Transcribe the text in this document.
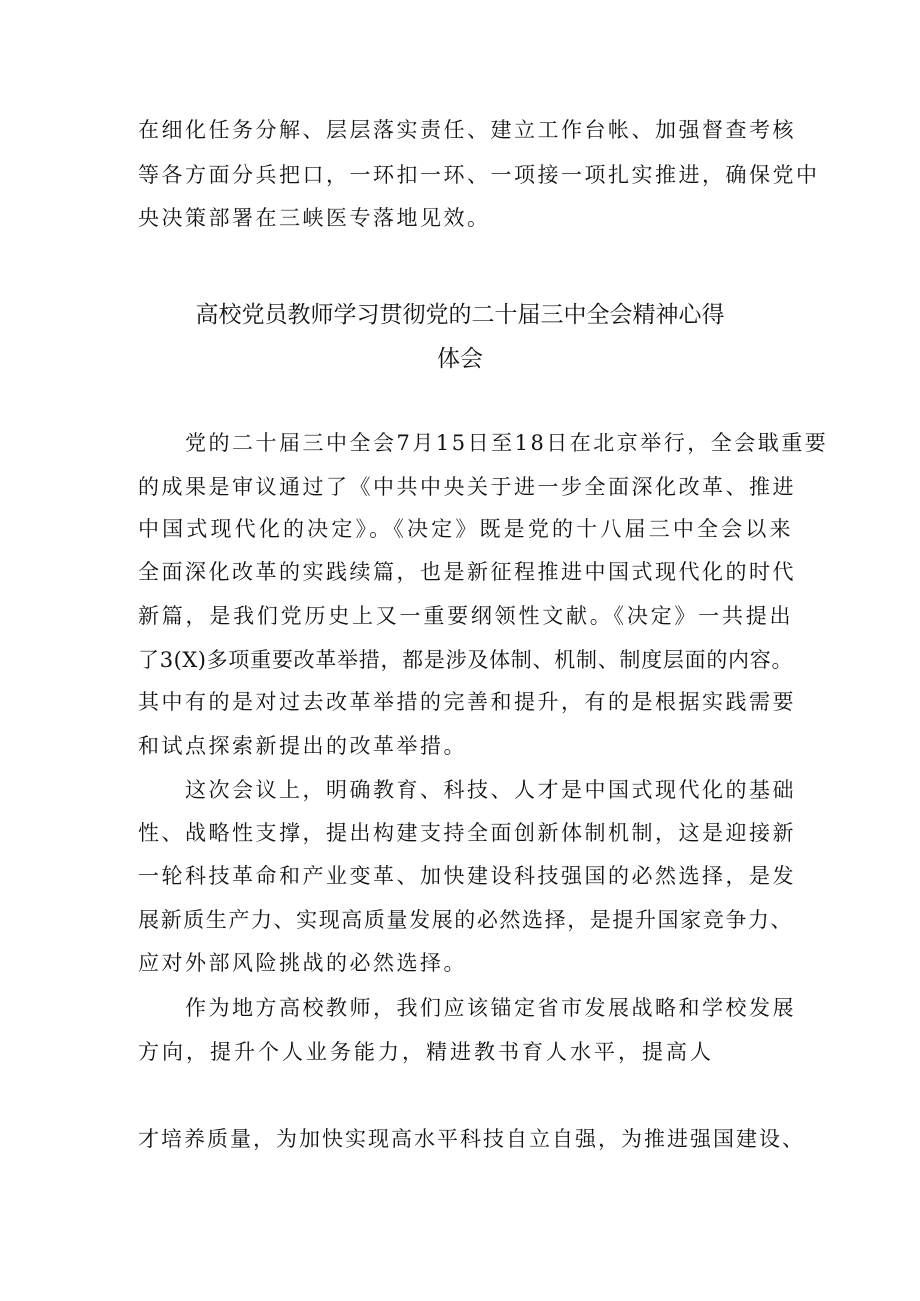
在细化任务分解、层层落实责任、建立工作台帐、加强督查考核
等各方面分兵把口，一环扣一环、一项接一项扎实推进，确保党中
央决策部署在三峡医专落地见效。
高校党员教师学习贯彻党的二十届三中全会精神心得
体会
党的二十届三中全会7月15日至18日在北京举行，全会戢重要
的成果是审议通过了《中共中央关于进一步全面深化改革、推进
中国式现代化的决定》。《决定》既是党的十八届三中全会以来
全面深化改革的实践续篇，也是新征程推进中国式现代化的时代
新篇，是我们党历史上又一重要纲领性文献。《决定》一共提出
了3(X)多项重要改革举措，都是涉及体制、机制、制度层面的内容。
其中有的是对过去改革举措的完善和提升，有的是根据实践需要
和试点探索新提出的改革举措。
这次会议上，明确教育、科技、人才是中国式现代化的基础
性、战略性支撑，提出构建支持全面创新体制机制，这是迎接新
一轮科技革命和产业变革、加快建设科技强国的必然选择，是发
展新质生产力、实现高质量发展的必然选择，是提升国家竞争力、
应对外部风险挑战的必然选择。
作为地方高校教师，我们应该锚定省市发展战略和学校发展
方向，提升个人业务能力，精进教书育人水平，提高人
才培养质量，为加快实现高水平科技自立自强，为推进强国建设、
